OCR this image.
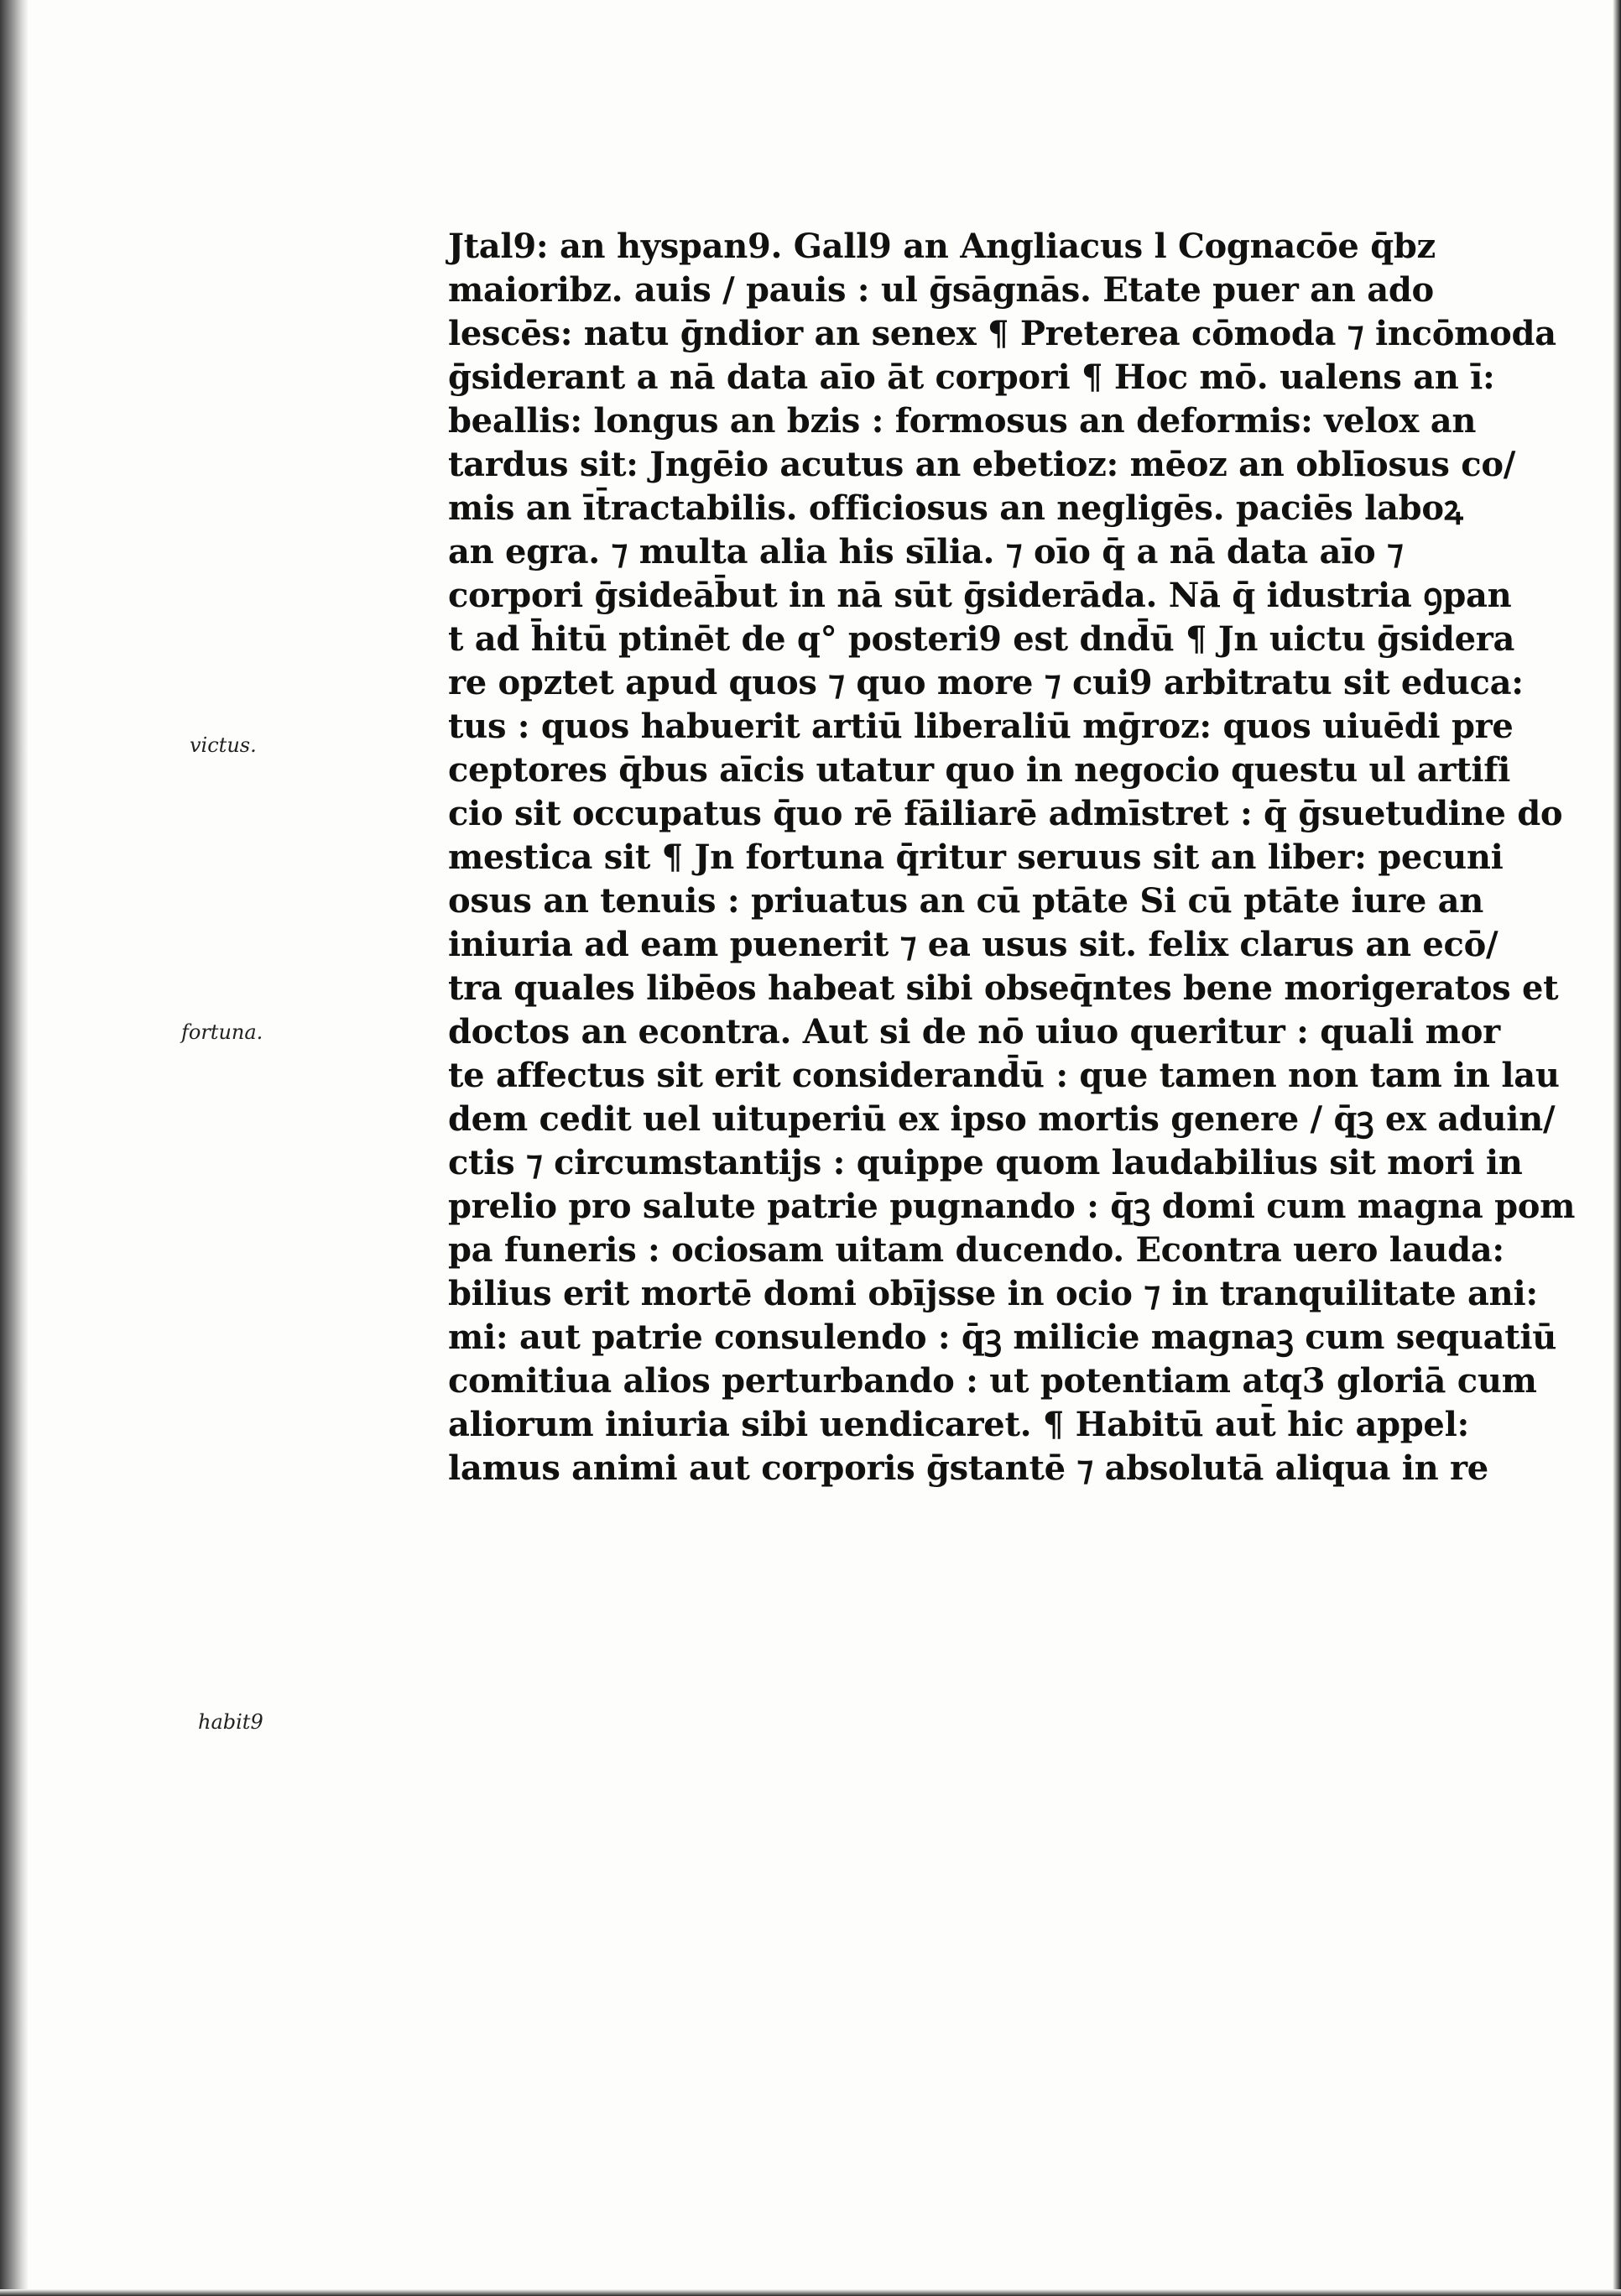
Jtal9: an hyspan9. Gall9 an Angliacus l Cognacōe q̄bz
maioribz. auis / pauis : ul ḡsāgnās. Etate puer an ado
lescēs: natu ḡndior an senex ¶ Preterea cōmoda ⁊ incōmoda
ḡsiderant a nā data aīo āt corpori ¶ Hoc mō. ualens an ī:
beallis: longus an bzis : formosus an deformis: velox an
tardus sit: Jngēio acutus an ebetioz: mēoz an oblīosus co/
mis an īt̄ractabilis. officiosus an negligēs. paciēs laboꝝ
an egra. ⁊ multa alia his sīlia. ⁊ oīo q̄ a nā data aīo ⁊
corpori ḡsideāb̄ut in nā sūt ḡsiderāda. Nā q̄ idustria ꝯpan
t ad h̄itū ptinēt de q° posteri9 est dnd̄ū ¶ Jn uictu ḡsidera
re opztet apud quos ⁊ quo more ⁊ cui9 arbitratu sit educa:
tus : quos habuerit artiū liberaliū mḡroz: quos uiuēdi pre
ceptores q̄bus aīcis utatur quo in negocio questu ul artifi
cio sit occupatus q̄uo rē fāiliarē admīstret : q̄ ḡsuetudine do
mestica sit ¶ Jn fortuna q̄ritur seruus sit an liber: pecuni
osus an tenuis : priuatus an cū ptāte Si cū ptāte iure an
iniuria ad eam puenerit ⁊ ea usus sit. felix clarus an ecō/
tra quales libēos habeat sibi obseq̄ntes bene morigeratos et
doctos an econtra. Aut si de nō uiuo queritur : quali mor
te affectus sit erit considerand̄ū : que tamen non tam in lau
dem cedit uel uituperiū ex ipso mortis genere / q̄ꝫ ex aduin/
ctis ⁊ circumstantijs : quippe quom laudabilius sit mori in
prelio pro salute patrie pugnando : q̄ꝫ domi cum magna pom
pa funeris : ociosam uitam ducendo. Econtra uero lauda:
bilius erit mortē domi obījsse in ocio ⁊ in tranquilitate ani:
mi: aut patrie consulendo : q̄ꝫ milicie magnaꝫ cum sequatiū
comitiua alios perturbando : ut potentiam atq3 gloriā cum
aliorum iniuria sibi uendicaret. ¶ Habitū aut̄ hic appel:
lamus animi aut corporis ḡstantē ⁊ absolutā aliqua in re
victus.
fortuna.
habit9
